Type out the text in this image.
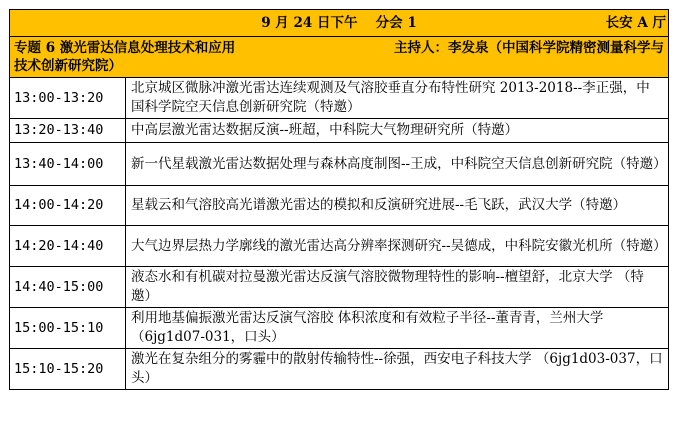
9 月 24 日下午　 分会 1 长安 A 厅	

专题 6 激光雷达信息处理技术和应用 主持人：李发泉（中国科学院精密测量科学与
技术创新研究院）	

13:00-13:20	北京城区微脉冲激光雷达连续观测及气溶胶垂直分布特性研究 2013-2018--李正强，中国科学院空天信息创新研究院（特邀）
13:20-13:40	中高层激光雷达数据反演--班超，中科院大气物理研究所（特邀）
13:40-14:00	新一代星载激光雷达数据处理与森林高度制图--王成，中科院空天信息创新研究院（特邀）
14:00-14:20	星载云和气溶胶高光谱激光雷达的模拟和反演研究进展--毛飞跃，武汉大学（特邀）
14:20-14:40	大气边界层热力学廓线的激光雷达高分辨率探测研究--吴德成，中科院安徽光机所（特邀）
14:40-15:00	液态水和有机碳对拉曼激光雷达反演气溶胶微物理特性的影响--檀望舒，北京大学 （特邀）
15:00-15:10	利用地基偏振激光雷达反演气溶胶 体积浓度和有效粒子半径--董青青，兰州大学（6jg1d07-031，口头）
15:10-15:20	激光在复杂组分的雾霾中的散射传输特性--徐强，西安电子科技大学 （6jg1d03-037，口头）
